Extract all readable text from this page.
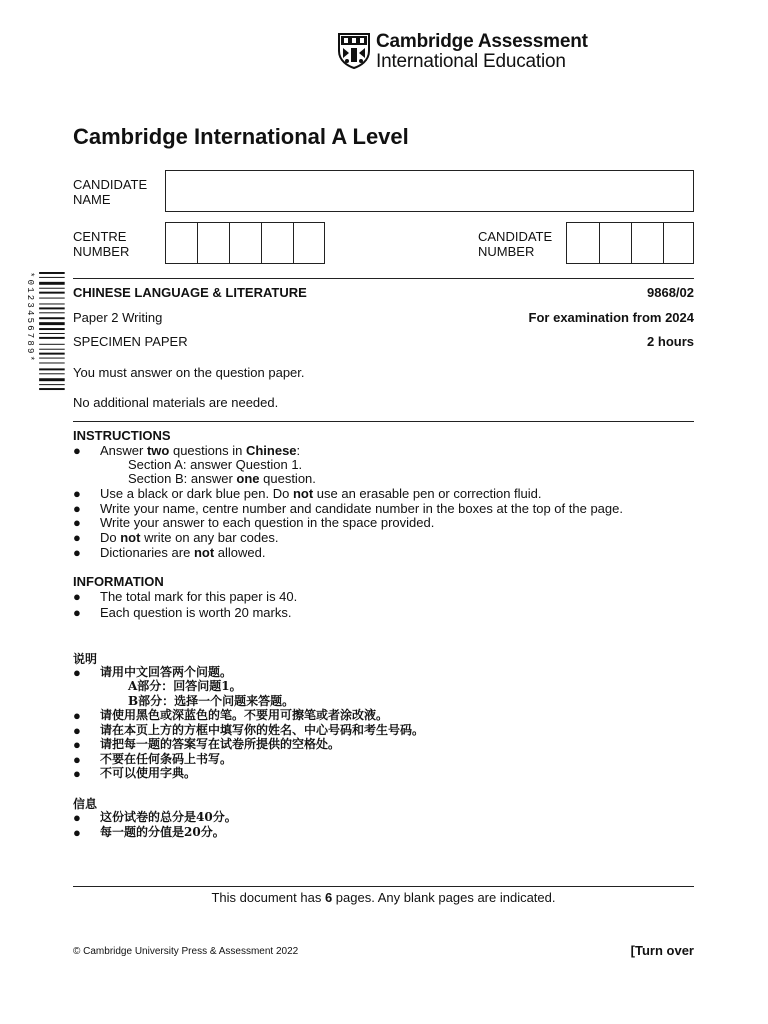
Cambridge Assessment
International Education
Cambridge International A Level
CANDIDATE
NAME
CENTRE
NUMBER
CANDIDATE
NUMBER
*0123456789*	CHINESE LANGUAGE & LITERATURE	9868/02
Paper 2 Writing	For examination from 2024
SPECIMEN PAPER	2 hours
You must answer on the question paper.
No additional materials are needed.
INSTRUCTIONS
● Answer two questions in Chinese:
Section A: answer Question 1.
Section B: answer one question.
● Use a black or dark blue pen. Do not use an erasable pen or correction fluid.
● Write your name, centre number and candidate number in the boxes at the top of the page.
● Write your answer to each question in the space provided.
● Do not write on any bar codes.
● Dictionaries are not allowed.
INFORMATION
● The total mark for this paper is 40.
● Each question is worth 20 marks.
说明
● 请用中文回答两个问题。
A部分：回答问题1。
B部分：选择一个问题来答题。
● 请使用黑色或深蓝色的笔。不要用可擦笔或者涂改液。
● 请在本页上方的方框中填写你的姓名、中心号码和考生号码。
● 请把每一题的答案写在试卷所提供的空格处。
● 不要在任何条码上书写。
● 不可以使用字典。
信息
● 这份试卷的总分是40分。
● 每一题的分值是20分。
This document has 6 pages. Any blank pages are indicated.
© Cambridge University Press & Assessment 2022	[Turn over
